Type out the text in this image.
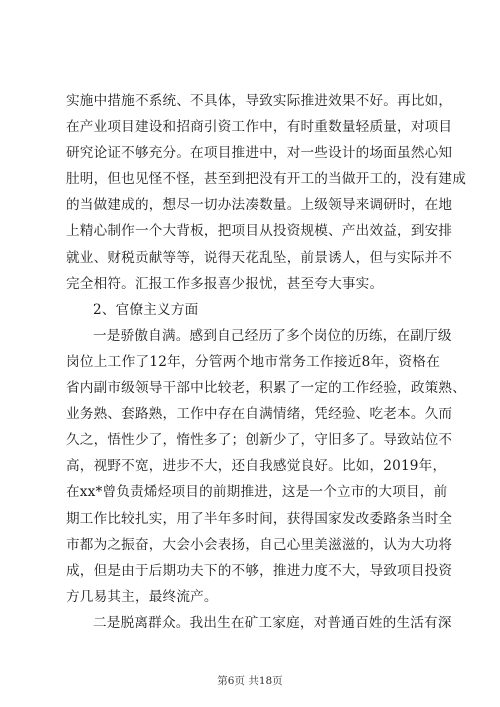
实施中措施不系统、不具体，导致实际推进效果不好。再比如，
在产业项目建设和招商引资工作中，有时重数量轻质量，对项目
研究论证不够充分。在项目推进中，对一些设计的场面虽然心知
肚明，但也见怪不怪，甚至到把没有开工的当做开工的，没有建成
的当做建成的，想尽一切办法凑数量。上级领导来调研时，在地
上精心制作一个大背板，把项目从投资规模、产出效益，到安排
就业、财税贡献等等，说得天花乱坠，前景诱人，但与实际并不
完全相符。汇报工作多报喜少报忧，甚至夸大事实。
2、官僚主义方面
一是骄傲自满。感到自己经历了多个岗位的历练，在副厅级
岗位上工作了12年，分管两个地市常务工作接近8年，资格在
省内副市级领导干部中比较老，积累了一定的工作经验，政策熟、
业务熟、套路熟，工作中存在自满情绪，凭经验、吃老本。久而
久之，悟性少了，惰性多了；创新少了，守旧多了。导致站位不
高，视野不宽，进步不大，还自我感觉良好。比如，2019年，
在xx*曾负责烯烃项目的前期推进，这是一个立市的大项目，前
期工作比较扎实，用了半年多时间，获得国家发改委路条当时全
市都为之振奋，大会小会表扬，自己心里美滋滋的，认为大功将
成，但是由于后期功夫下的不够，推进力度不大，导致项目投资
方几易其主，最终流产。
二是脱离群众。我出生在矿工家庭，对普通百姓的生活有深
第6页 共18页
